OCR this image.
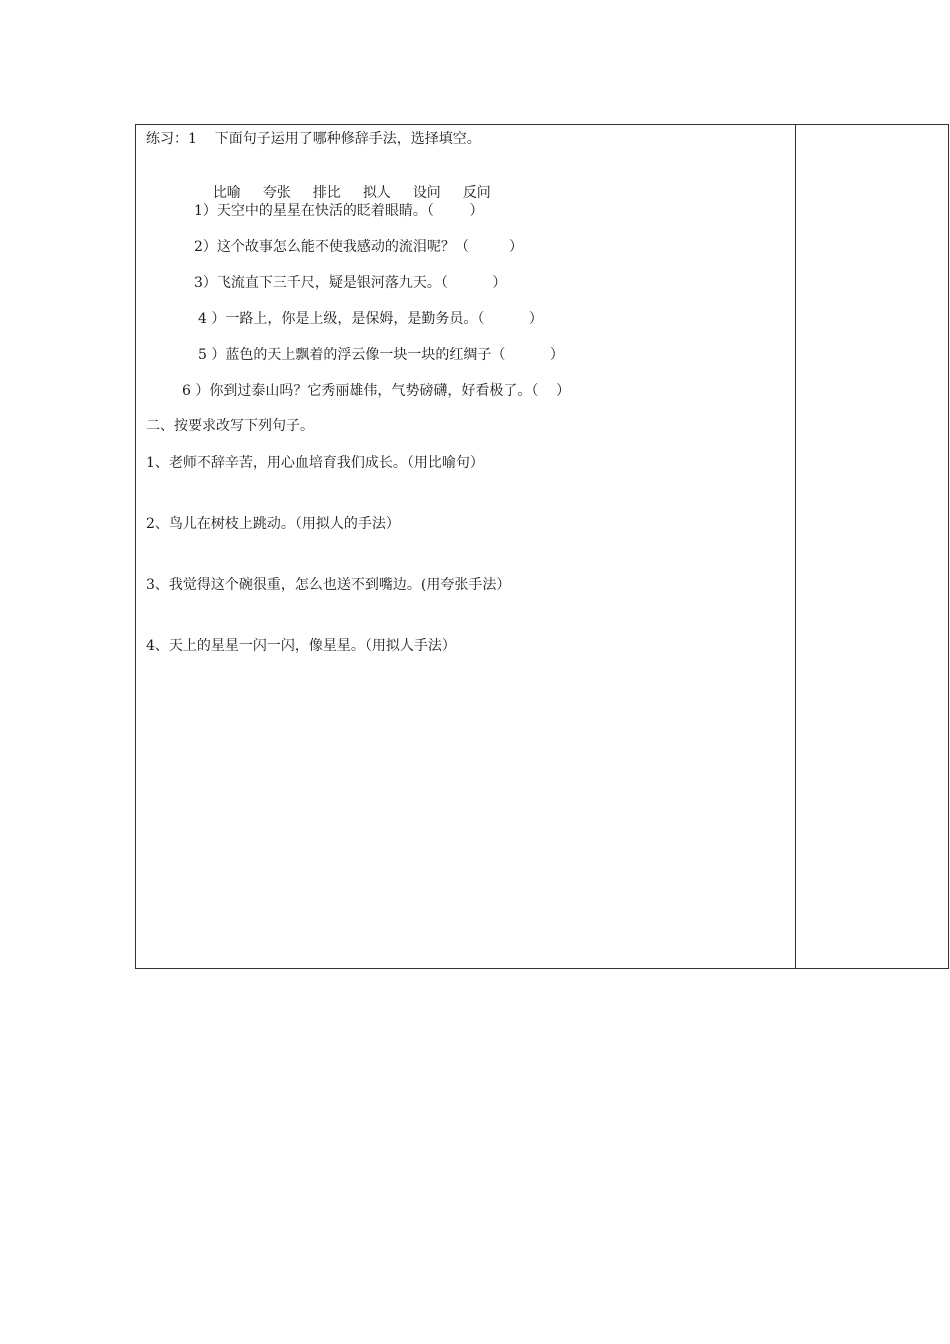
练习：1    下面句子运用了哪种修辞手法，选择填空。

比喻 夸张 排比 拟人 设问 反问

1）天空中的星星在快活的眨着眼睛。（        ）
2）这个故事怎么能不使我感动的流泪呢？（         ）
3）飞流直下三千尺，疑是银河落九天。（          ）
4 ）一路上，你是上级，是保姆，是勤务员。（          ）
5 ）蓝色的天上飘着的浮云像一块一块的红绸子（          ）
6 ）你到过泰山吗？它秀丽雄伟，气势磅礴，好看极了。（    ）
二、按要求改写下列句子。
1、老师不辞辛苦，用心血培育我们成长。（用比喻句）
2、鸟儿在树枝上跳动。（用拟人的手法）
3、我觉得这个碗很重，怎么也送不到嘴边。(用夸张手法）
4、天上的星星一闪一闪，像星星。（用拟人手法）
